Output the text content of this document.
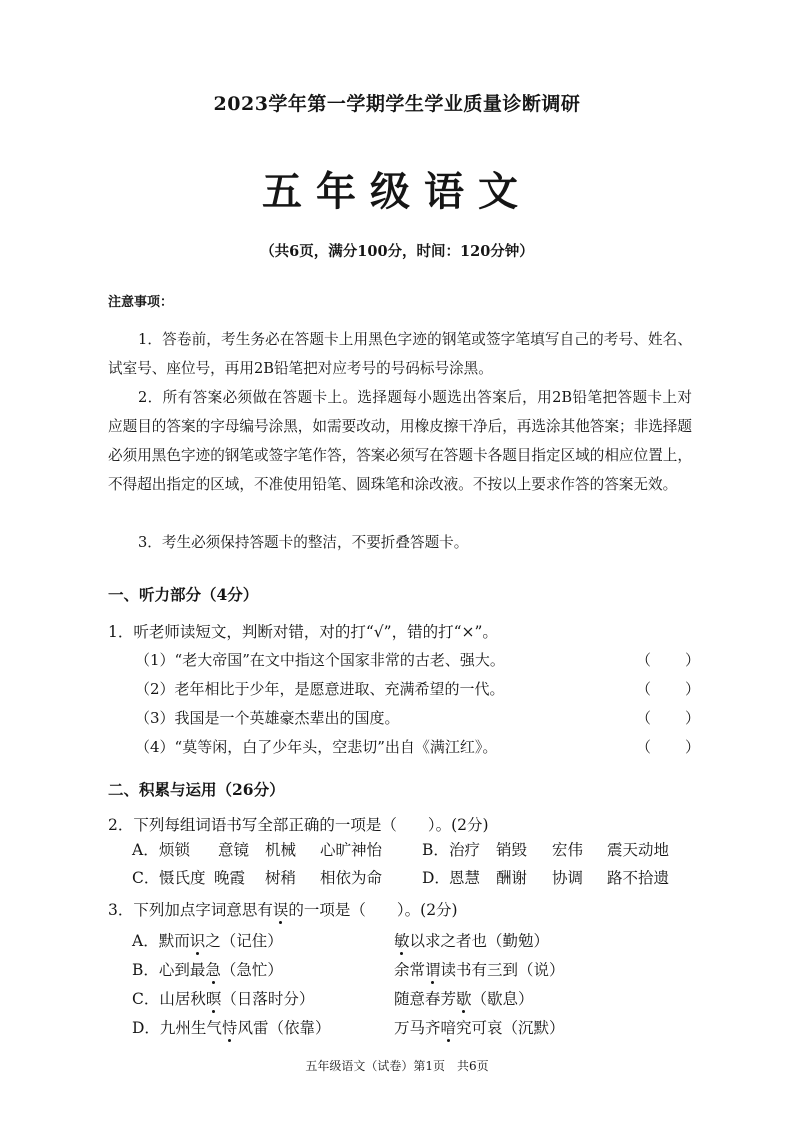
2023学年第一学期学生学业质量诊断调研
五年级语文
（共6页，满分100分，时间：120分钟）
注意事项：
1．答卷前，考生务必在答题卡上用黑色字迹的钢笔或签字笔填写自己的考号、姓名、试室号、座位号，再用2B铅笔把对应考号的号码标号涂黑。
2．所有答案必须做在答题卡上。选择题每小题选出答案后，用2B铅笔把答题卡上对应题目的答案的字母编号涂黑，如需要改动，用橡皮擦干净后，再选涂其他答案；非选择题必须用黑色字迹的钢笔或签字笔作答，答案必须写在答题卡各题目指定区域的相应位置上，不得超出指定的区域，不准使用铅笔、圆珠笔和涂改液。不按以上要求作答的答案无效。
3．考生必须保持答题卡的整洁，不要折叠答题卡。
一、听力部分（4分）
1．听老师读短文，判断对错，对的打“√”，错的打“×”。
（1）“老大帝国”在文中指这个国家非常的古老、强大。	（）
（2）老年相比于少年，是愿意进取、充满希望的一代。	（）
（3）我国是一个英雄豪杰辈出的国度。	（）
（4）“莫等闲，白了少年头，空悲切”出自《满江红》。	（）
二、积累与运用（26分）
2．下列每组词语书写全部正确的一项是（　　）。(2分)
A． 烦锁 意镜 机械 心旷神怡	B． 治疗 销毁 宏伟 震天动地
C． 慑氏度 晚霞 树稍 相依为命	D． 恩慧 酬谢 协调 路不拾遗
3．下列加点字词意思有误的一项是（　　）。(2分)
A．默而识之（记住）	敏以求之者也（勤勉）
B．心到最急（急忙）	余常谓读书有三到（说）
C．山居秋暝（日落时分）	随意春芳歇（歇息）
D．九州生气恃风雷（依靠）	万马齐喑究可哀（沉默）
五年级语文（试卷）第1页　共6页
